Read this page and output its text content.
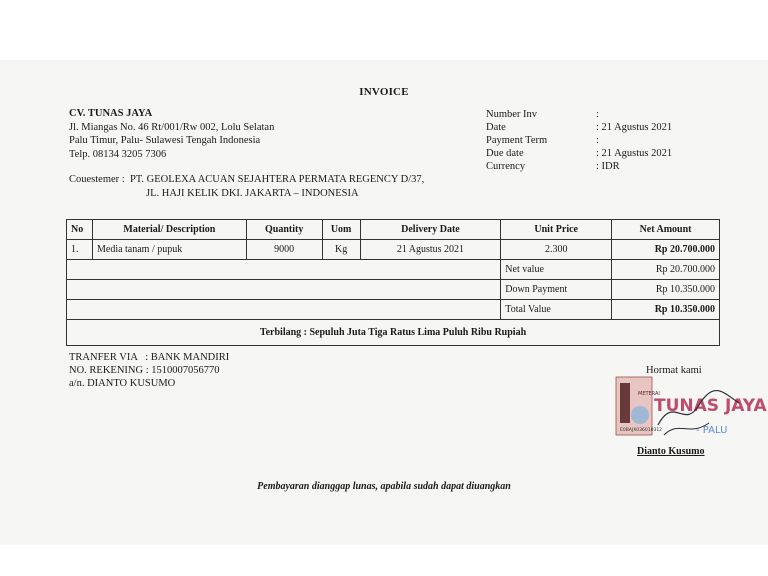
INVOICE
CV. TUNAS JAYA
Jl. Miangas No. 46 Rt/001/Rw 002, Lolu Selatan
Palu Timur, Palu- Sulawesi Tengah Indonesia
Telp. 08134 3205 7306
Number Inv	:
Date	: 21 Agustus 2021
Payment Term	:
Due date	: 21 Agustus 2021
Currency	: IDR
Couestemer : PT. GEOLEXA ACUAN SEJAHTERA PERMATA REGENCY D/37,
JL. HAJI KELIK DKI. JAKARTA – INDONESIA
No	Material/ Description	Quantity	Uom	Delivery Date	Unit Price	Net Amount
1.	Media tanam / pupuk	9000	Kg	21 Agustus 2021	2.300	Rp 20.700.000
					Net value	Rp 20.700.000
					Down Payment	Rp 10.350.000
					Total Value	Rp 10.350.000
Terbilang : Sepuluh Juta Tiga Ratus Lima Puluh Ribu Rupiah						
TRANFER VIA   : BANK MANDIRI
NO. REKENING : 1510007056770
a/n. DIANTO KUSUMO
Hormat kami
METERAI
E0BAJX036010312
TUNAS JAYA
- PALU
Dianto Kusumo
Pembayaran dianggap lunas, apabila sudah dapat diuangkan
